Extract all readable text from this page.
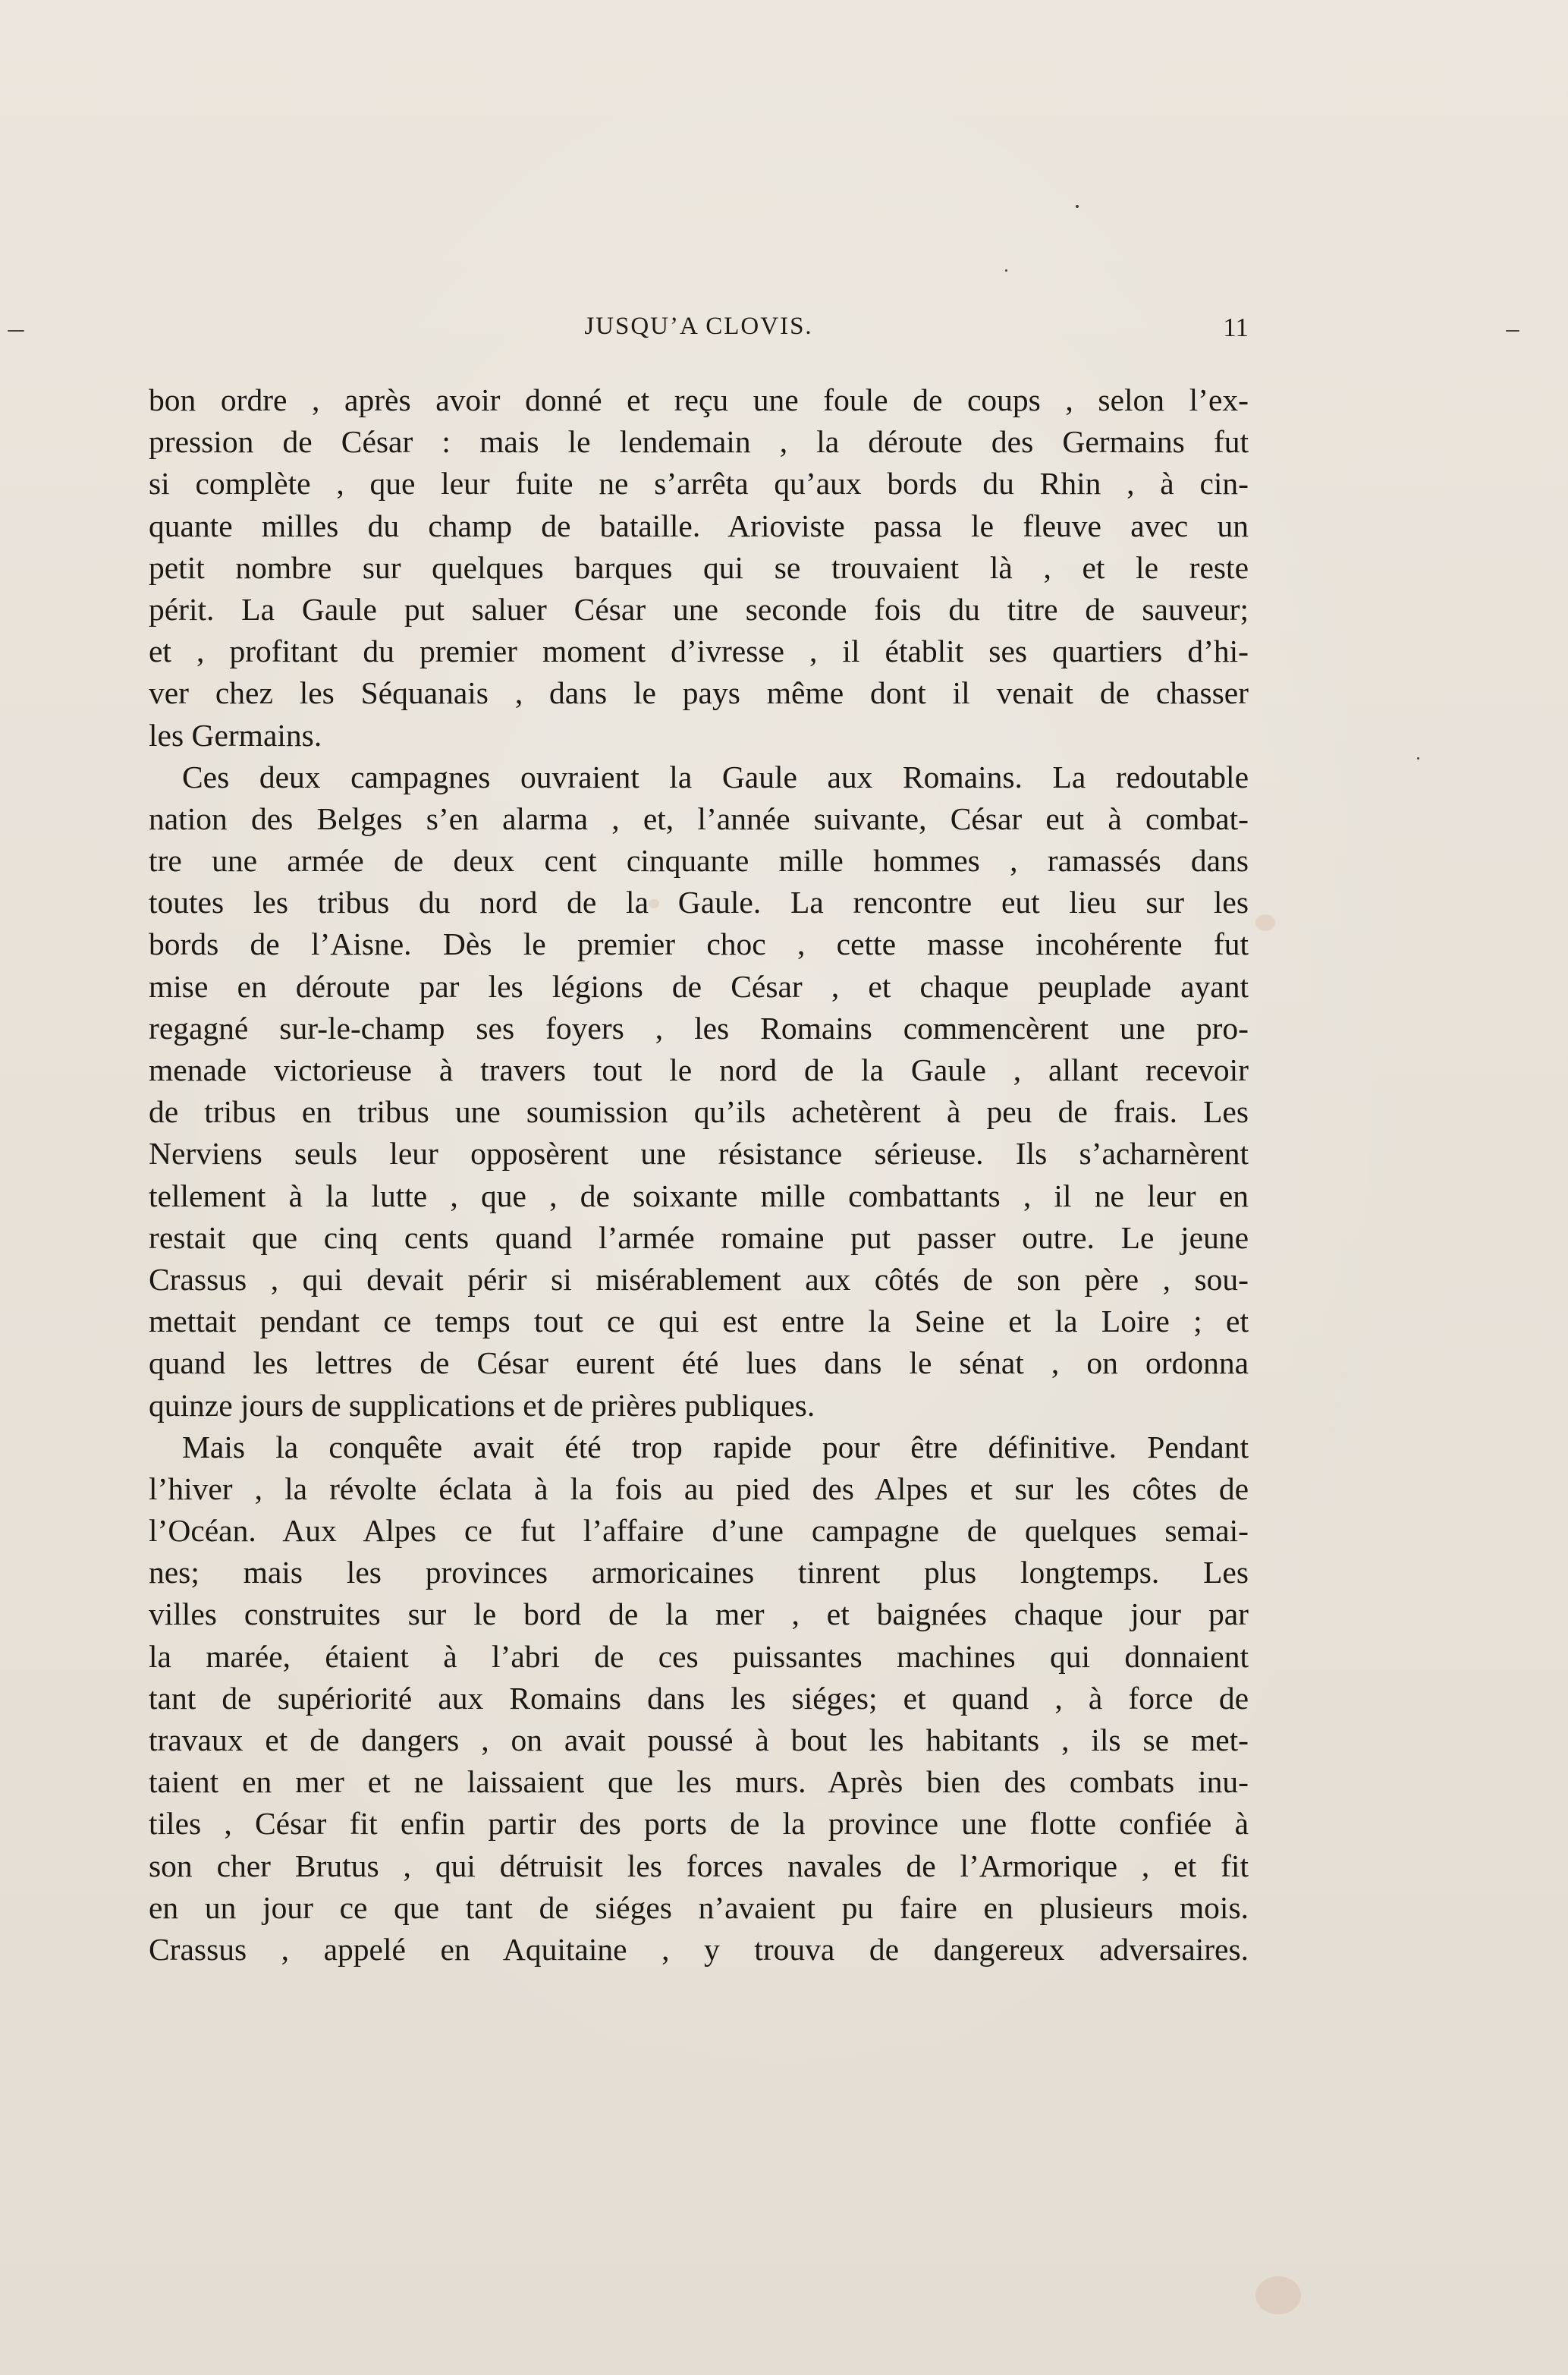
JUSQU’A CLOVIS.	11
bon ordre , après avoir donné et reçu une foule de coups , selon l’ex-
pression de César : mais le lendemain , la déroute des Germains fut
si complète , que leur fuite ne s’arrêta qu’aux bords du Rhin , à cin-
quante milles du champ de bataille. Arioviste passa le fleuve avec un
petit nombre sur quelques barques qui se trouvaient là , et le reste
périt. La Gaule put saluer César une seconde fois du titre de sauveur;
et , profitant du premier moment d’ivresse , il établit ses quartiers d’hi-
ver chez les Séquanais , dans le pays même dont il venait de chasser
les Germains.
Ces deux campagnes ouvraient la Gaule aux Romains. La redoutable
nation des Belges s’en alarma , et, l’année suivante, César eut à combat-
tre une armée de deux cent cinquante mille hommes , ramassés dans
toutes les tribus du nord de la Gaule. La rencontre eut lieu sur les
bords de l’Aisne. Dès le premier choc , cette masse incohérente fut
mise en déroute par les légions de César , et chaque peuplade ayant
regagné sur-le-champ ses foyers , les Romains commencèrent une pro-
menade victorieuse à travers tout le nord de la Gaule , allant recevoir
de tribus en tribus une soumission qu’ils achetèrent à peu de frais. Les
Nerviens seuls leur opposèrent une résistance sérieuse. Ils s’acharnèrent
tellement à la lutte , que , de soixante mille combattants , il ne leur en
restait que cinq cents quand l’armée romaine put passer outre. Le jeune
Crassus , qui devait périr si misérablement aux côtés de son père , sou-
mettait pendant ce temps tout ce qui est entre la Seine et la Loire ; et
quand les lettres de César eurent été lues dans le sénat , on ordonna
quinze jours de supplications et de prières publiques.
Mais la conquête avait été trop rapide pour être définitive. Pendant
l’hiver , la révolte éclata à la fois au pied des Alpes et sur les côtes de
l’Océan. Aux Alpes ce fut l’affaire d’une campagne de quelques semai-
nes; mais les provinces armoricaines tinrent plus longtemps. Les
villes construites sur le bord de la mer , et baignées chaque jour par
la marée, étaient à l’abri de ces puissantes machines qui donnaient
tant de supériorité aux Romains dans les siéges; et quand , à force de
travaux et de dangers , on avait poussé à bout les habitants , ils se met-
taient en mer et ne laissaient que les murs. Après bien des combats inu-
tiles , César fit enfin partir des ports de la province une flotte confiée à
son cher Brutus , qui détruisit les forces navales de l’Armorique , et fit
en un jour ce que tant de siéges n’avaient pu faire en plusieurs mois.
Crassus , appelé en Aquitaine , y trouva de dangereux adversaires.
